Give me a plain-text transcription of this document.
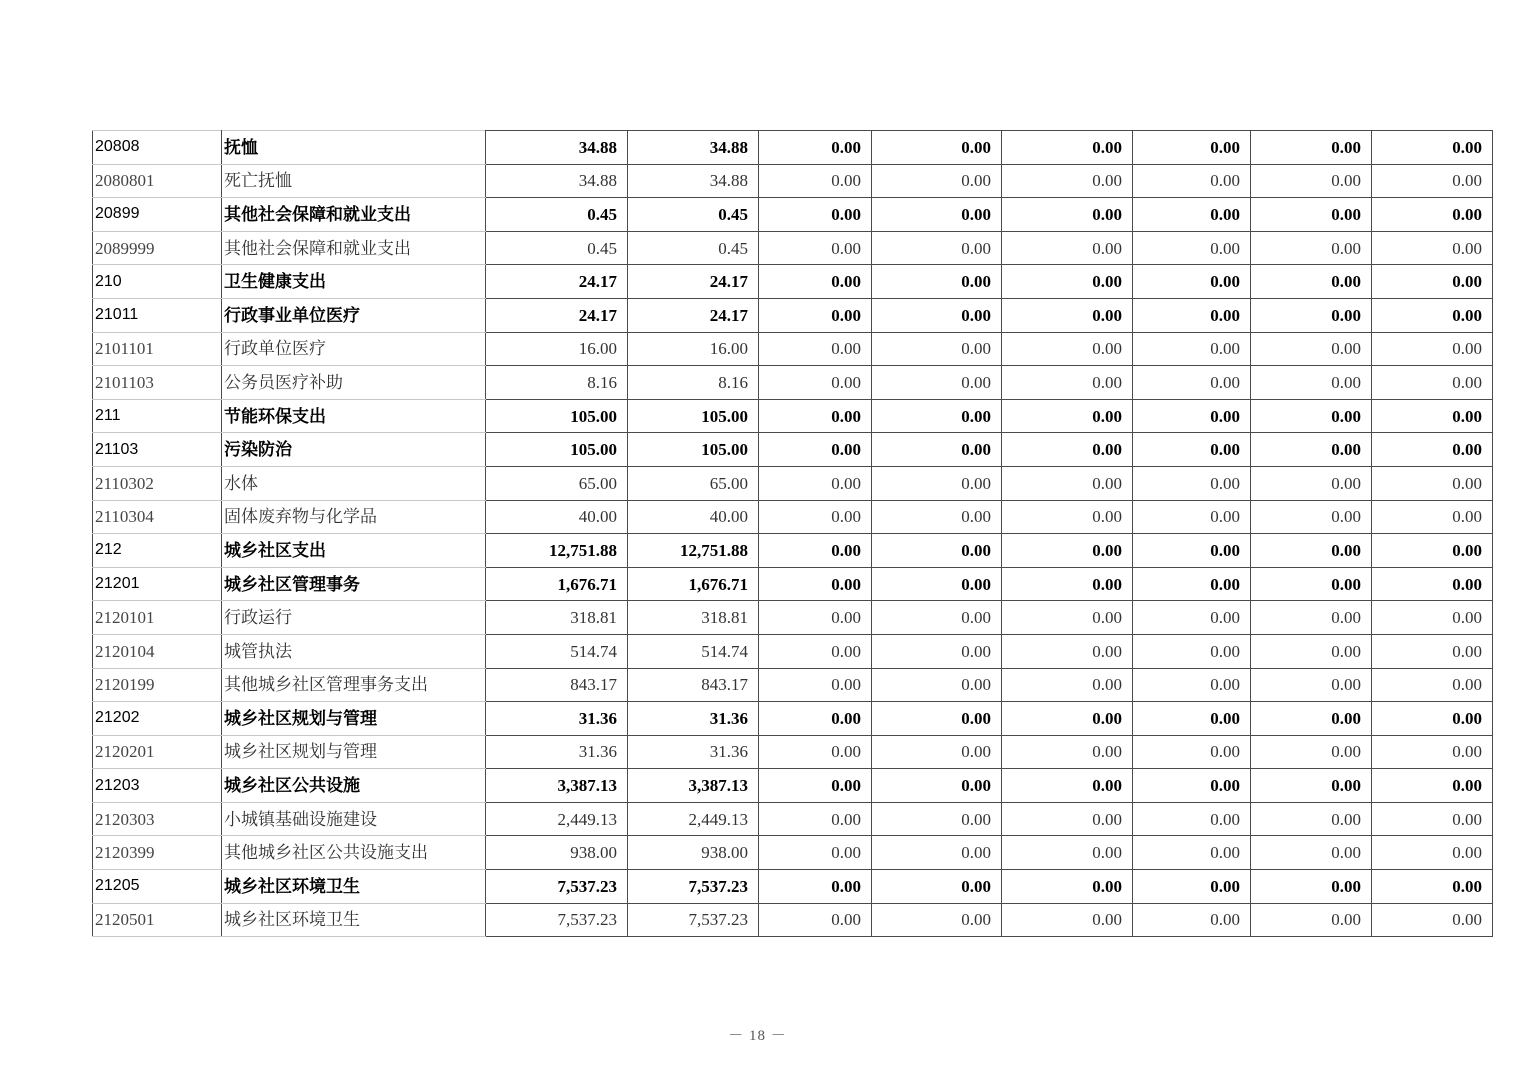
20808	抚恤	34.88	34.88	0.00	0.00	0.00	0.00	0.00	0.00
2080801	死亡抚恤	34.88	34.88	0.00	0.00	0.00	0.00	0.00	0.00
20899	其他社会保障和就业支出	0.45	0.45	0.00	0.00	0.00	0.00	0.00	0.00
2089999	其他社会保障和就业支出	0.45	0.45	0.00	0.00	0.00	0.00	0.00	0.00
210	卫生健康支出	24.17	24.17	0.00	0.00	0.00	0.00	0.00	0.00
21011	行政事业单位医疗	24.17	24.17	0.00	0.00	0.00	0.00	0.00	0.00
2101101	行政单位医疗	16.00	16.00	0.00	0.00	0.00	0.00	0.00	0.00
2101103	公务员医疗补助	8.16	8.16	0.00	0.00	0.00	0.00	0.00	0.00
211	节能环保支出	105.00	105.00	0.00	0.00	0.00	0.00	0.00	0.00
21103	污染防治	105.00	105.00	0.00	0.00	0.00	0.00	0.00	0.00
2110302	水体	65.00	65.00	0.00	0.00	0.00	0.00	0.00	0.00
2110304	固体废弃物与化学品	40.00	40.00	0.00	0.00	0.00	0.00	0.00	0.00
212	城乡社区支出	12,751.88	12,751.88	0.00	0.00	0.00	0.00	0.00	0.00
21201	城乡社区管理事务	1,676.71	1,676.71	0.00	0.00	0.00	0.00	0.00	0.00
2120101	行政运行	318.81	318.81	0.00	0.00	0.00	0.00	0.00	0.00
2120104	城管执法	514.74	514.74	0.00	0.00	0.00	0.00	0.00	0.00
2120199	其他城乡社区管理事务支出	843.17	843.17	0.00	0.00	0.00	0.00	0.00	0.00
21202	城乡社区规划与管理	31.36	31.36	0.00	0.00	0.00	0.00	0.00	0.00
2120201	城乡社区规划与管理	31.36	31.36	0.00	0.00	0.00	0.00	0.00	0.00
21203	城乡社区公共设施	3,387.13	3,387.13	0.00	0.00	0.00	0.00	0.00	0.00
2120303	小城镇基础设施建设	2,449.13	2,449.13	0.00	0.00	0.00	0.00	0.00	0.00
2120399	其他城乡社区公共设施支出	938.00	938.00	0.00	0.00	0.00	0.00	0.00	0.00
21205	城乡社区环境卫生	7,537.23	7,537.23	0.00	0.00	0.00	0.00	0.00	0.00
2120501	城乡社区环境卫生	7,537.23	7,537.23	0.00	0.00	0.00	0.00	0.00	0.00
－ 18 －
